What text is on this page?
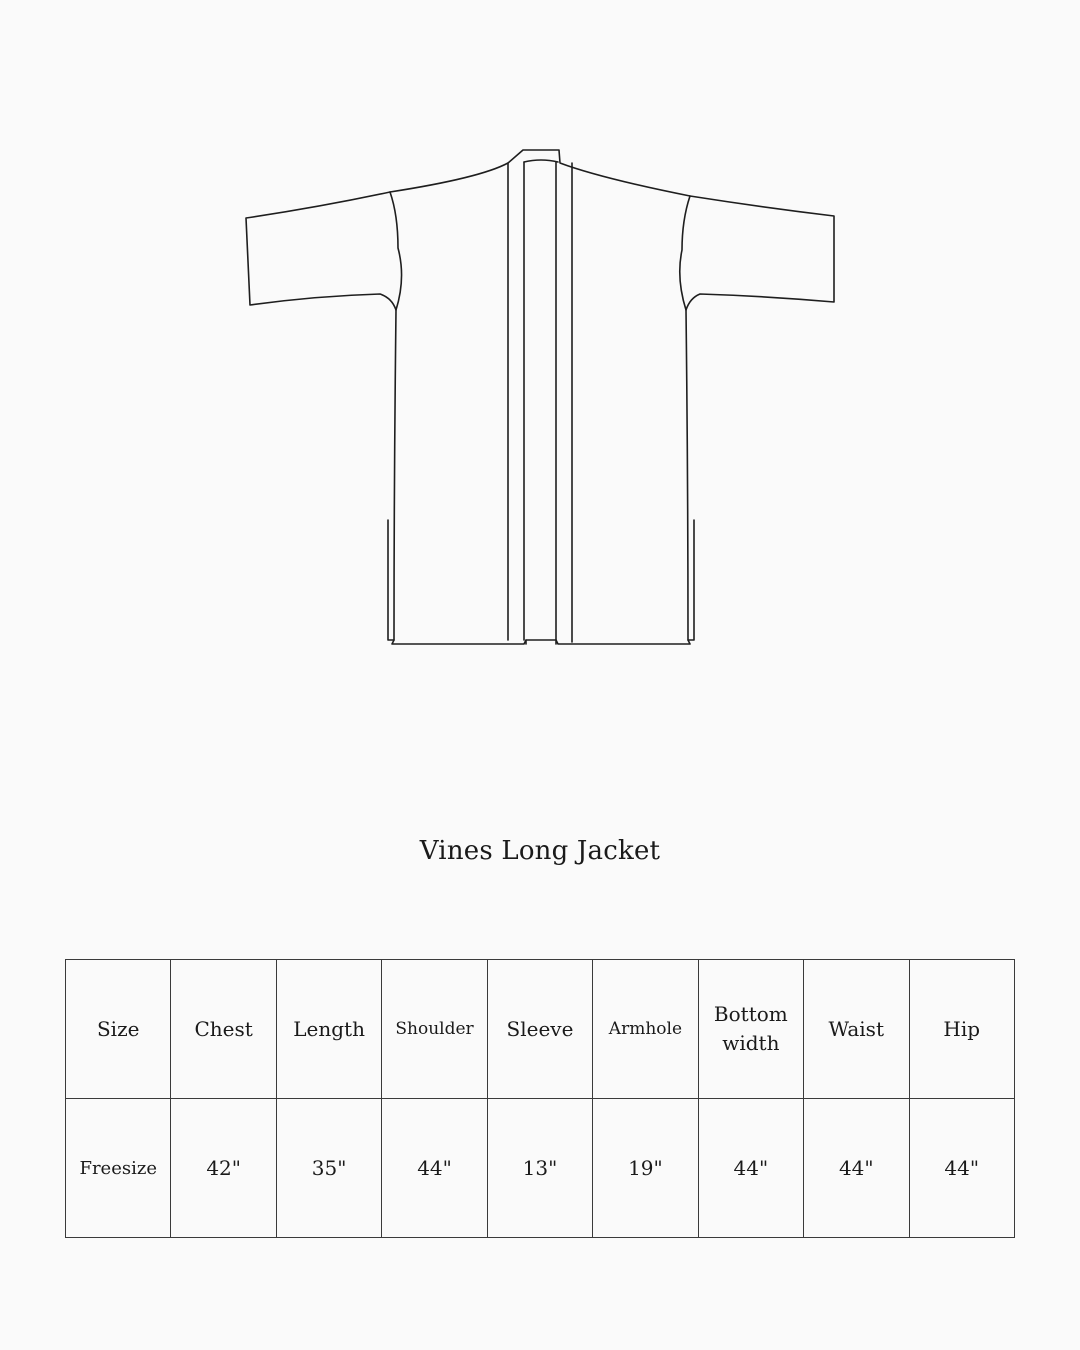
Vines Long Jacket
Size	Chest	Length	Shoulder	Sleeve	Armhole	Bottom width	Waist	Hip
Freesize	42"	35"	44"	13"	19"	44"	44"	44"
